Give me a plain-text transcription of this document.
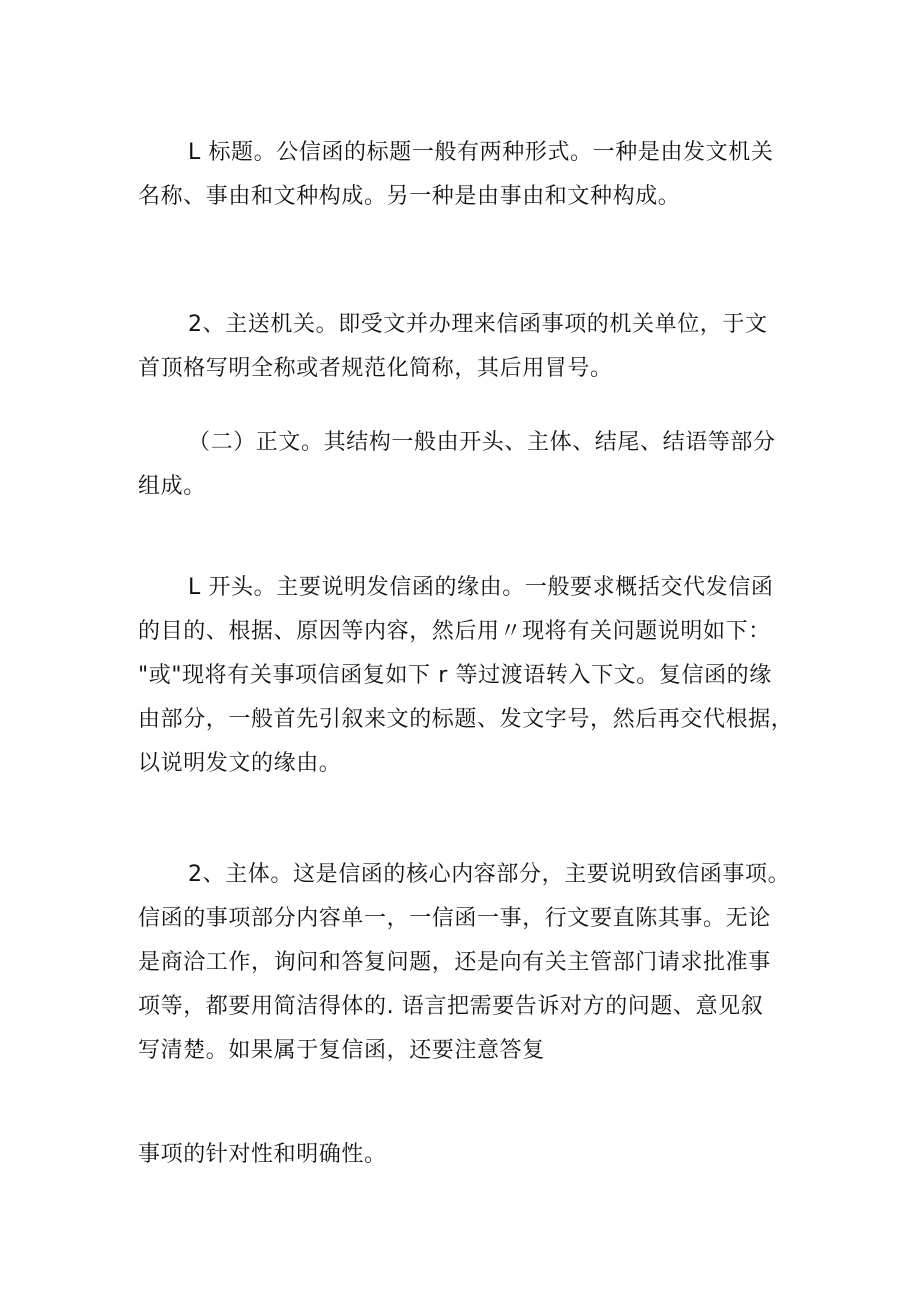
L 标题。公信函的标题一般有两种形式。一种是由发文机关
名称、事由和文种构成。另一种是由事由和文种构成。

2、主送机关。即受文并办理来信函事项的机关单位，于文
首顶格写明全称或者规范化简称，其后用冒号。

（二）正文。其结构一般由开头、主体、结尾、结语等部分
组成。

L 开头。主要说明发信函的缘由。一般要求概括交代发信函
的目的、根据、原因等内容，然后用〃现将有关问题说明如下：
"或"现将有关事项信函复如下 r 等过渡语转入下文。复信函的缘
由部分，一般首先引叙来文的标题、发文字号，然后再交代根据，
以说明发文的缘由。

2、主体。这是信函的核心内容部分，主要说明致信函事项。
信函的事项部分内容单一，一信函一事，行文要直陈其事。无论
是商洽工作，询问和答复问题，还是向有关主管部门请求批准事
项等，都要用简洁得体的. 语言把需要告诉对方的问题、意见叙
写清楚。如果属于复信函，还要注意答复

事项的针对性和明确性。
